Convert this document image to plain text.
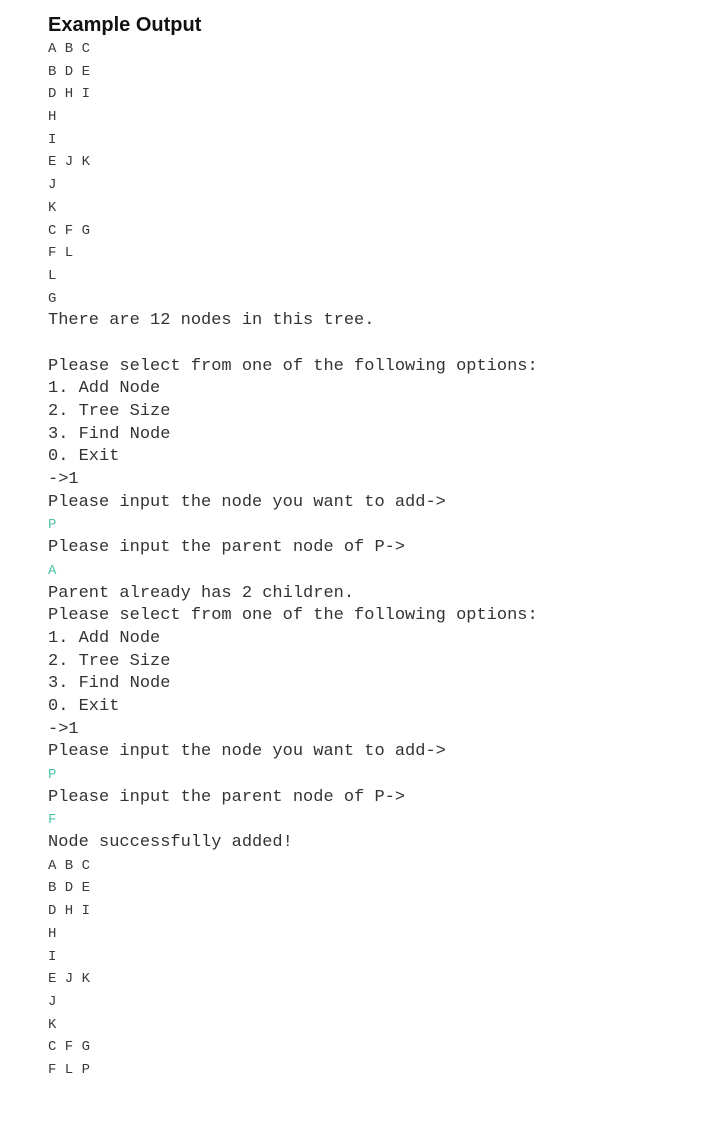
Example Output
A B C
B D E
D H I
H
I
E J K
J
K
C F G
F L
L
G
There are 12 nodes in this tree.
Please select from one of the following options:
1. Add Node
2. Tree Size
3. Find Node
0. Exit
->1
Please input the node you want to add->
P
Please input the parent node of P->
A
Parent already has 2 children.
Please select from one of the following options:
1. Add Node
2. Tree Size
3. Find Node
0. Exit
->1
Please input the node you want to add->
P
Please input the parent node of P->
F
Node successfully added!
A B C
B D E
D H I
H
I
E J K
J
K
C F G
F L P
